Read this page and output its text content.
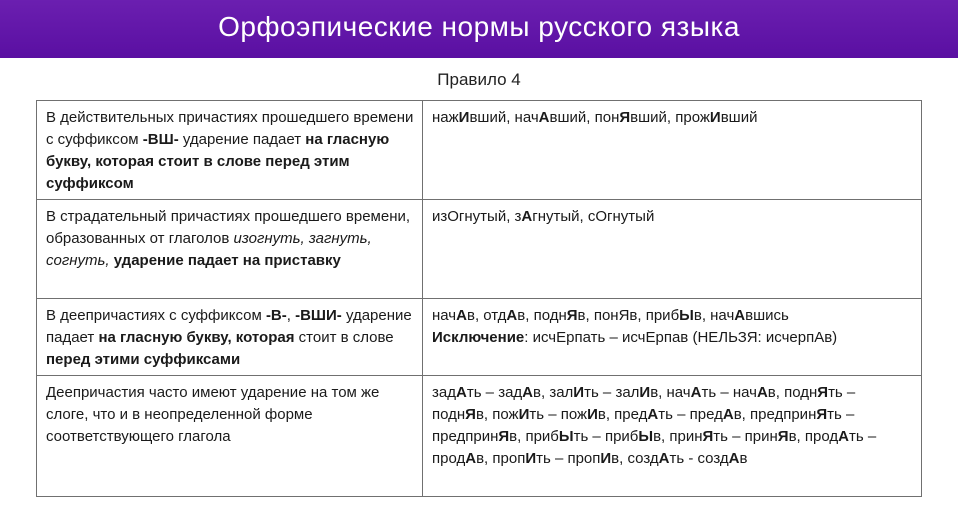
Орфоэпические нормы русского языка
Правило 4
В действительных причастиях прошедшего времени с суффиксом -ВШ- ударение падает на гласную букву, которая стоит в слове перед этим суффиксом	нажИвший, начАвший, понЯвший, прожИвший
В страдательный причастиях прошедшего времени, образованных от глаголов изогнуть, загнуть, согнуть, ударение падает на приставку	изОгнутый, зАгнутый, сОгнутый
В деепричастиях с суффиксом -В-, -ВШИ- ударение падает на гласную букву, которая стоит в слове перед этими суффиксами	начАв, отдАв, поднЯв, понЯв, прибЫв, начАвшись
Исключение: исчЕрпать – исчЕрпав (НЕЛЬЗЯ: исчерпАв)
Деепричастия часто имеют ударение на том же слоге, что и в неопределенной форме соответствующего глагола	задАть – задАв, залИть – залИв, начАть – начАв, поднЯть – поднЯв, пожИть – пожИв, предАть – предАв, предпринЯть – предпринЯв, прибЫть – прибЫв, принЯть – принЯв, продАть – продАв, пропИть – пропИв, создАть - создАв
